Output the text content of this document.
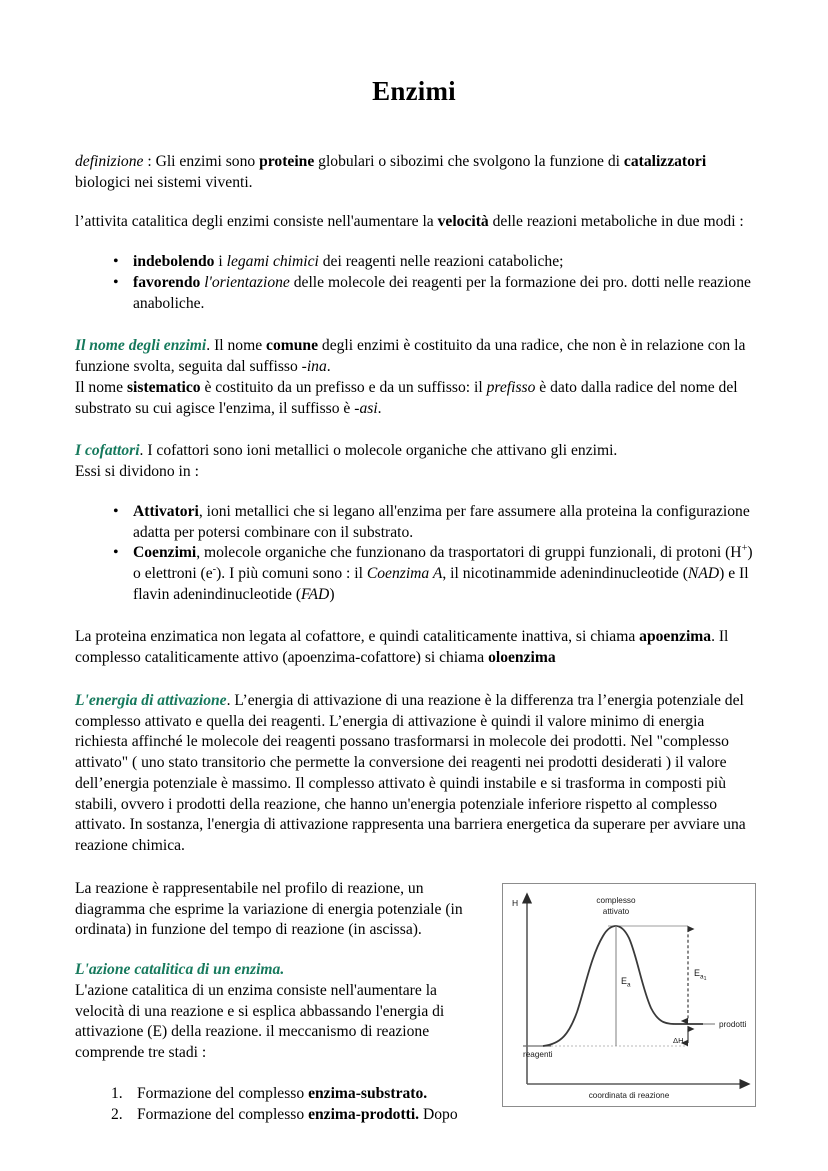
Enzimi

definizione : Gli enzimi sono proteine globulari o sibozimi che svolgono la funzione di catalizzatori biologici nei sistemi viventi.

l’attivita catalitica degli enzimi consiste nell'aumentare la velocità delle reazioni metaboliche in due modi :

• indebolendo i legami chimici dei reagenti nelle reazioni cataboliche;
• favorendo l'orientazione delle molecole dei reagenti per la formazione dei pro. dotti nelle reazione anaboliche.

Il nome degli enzimi. Il nome comune degli enzimi è costituito da una radice, che non è in relazione con la funzione svolta, seguita dal suffisso -ina.
Il nome sistematico è costituito da un prefisso e da un suffisso: il prefisso è dato dalla radice del nome del substrato su cui agisce l'enzima, il suffisso è -asi.

I cofattori. I cofattori sono ioni metallici o molecole organiche che attivano gli enzimi.
Essi si dividono in :

• Attivatori, ioni metallici che si legano all'enzima per fare assumere alla proteina la configurazione adatta per potersi combinare con il substrato.
• Coenzimi, molecole organiche che funzionano da trasportatori di gruppi funzionali, di protoni (H+) o elettroni (e-). I più comuni sono : il Coenzima A, il nicotinammide adenindinucleotide (NAD) e Il flavin adenindinucleotide (FAD)

La proteina enzimatica non legata al cofattore, e quindi cataliticamente inattiva, si chiama apoenzima. Il complesso cataliticamente attivo (apoenzima-cofattore) si chiama oloenzima

L'energia di attivazione. L’energia di attivazione di una reazione è la differenza tra l’energia potenziale del complesso attivato e quella dei reagenti. L’energia di attivazione è quindi il valore minimo di energia richiesta affinché le molecole dei reagenti possano trasformarsi in molecole dei prodotti. Nel "complesso attivato" ( uno stato transitorio che permette la conversione dei reagenti nei prodotti desiderati ) il valore dell’energia potenziale è massimo. Il complesso attivato è quindi instabile e si trasforma in composti più stabili, ovvero i prodotti della reazione, che hanno un'energia potenziale inferiore rispetto al complesso attivato. In sostanza, l'energia di attivazione rappresenta una barriera energetica da superare per avviare una reazione chimica.

H
coordinata di reazione
complesso
attivato
$E_a$
$E_a1$
ΔH
prodotti
reagenti

La reazione è rappresentabile nel profilo di reazione, un diagramma che esprime la variazione di energia potenziale (in ordinata) in funzione del tempo di reazione (in ascissa).

L'azione catalitica di un enzima.
L'azione catalitica di un enzima consiste nell'aumentare la velocità di una reazione e si esplica abbassando l'energia di attivazione (E) della reazione. il meccanismo di reazione comprende tre stadi :

Formazione del complesso enzima-substrato.
Formazione del complesso enzima-prodotti. Dopo
